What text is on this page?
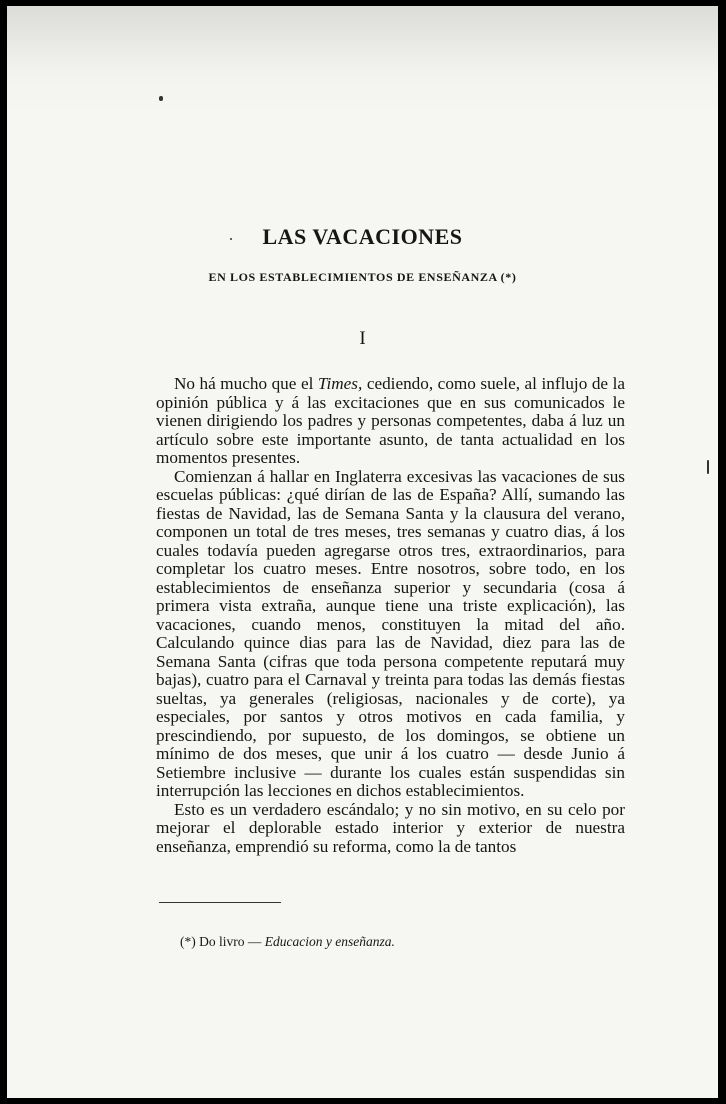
LAS VACACIONES
EN LOS ESTABLECIMIENTOS DE ENSEÑANZA (*)
I

No há mucho que el Times, cediendo, como suele, al influjo de la opinión pública y á las excitaciones que en sus comunicados le vienen dirigiendo los padres y personas competentes, daba á luz un artículo sobre este importante asunto, de tanta actualidad en los momentos presentes.

Comienzan á hallar en Inglaterra excesivas las vacaciones de sus escuelas públicas: ¿qué dirían de las de España? Allí, sumando las fiestas de Navidad, las de Semana Santa y la clausura del verano, componen un total de tres meses, tres semanas y cuatro dias, á los cuales todavía pueden agregarse otros tres, extraordinarios, para completar los cuatro meses. Entre nosotros, sobre todo, en los establecimientos de enseñanza superior y secundaria (cosa á primera vista extraña, aunque tiene una triste explicación), las vacaciones, cuando menos, constituyen la mitad del año. Calculando quince dias para las de Navidad, diez para las de Semana Santa (cifras que toda persona competente reputará muy bajas), cuatro para el Carnaval y treinta para todas las demás fiestas sueltas, ya generales (religiosas, nacionales y de corte), ya especiales, por santos y otros motivos en cada familia, y prescindiendo, por supuesto, de los domingos, se obtiene un mínimo de dos meses, que unir á los cuatro — desde Junio á Setiembre inclusive — durante los cuales están suspendidas sin interrupción las lecciones en dichos establecimientos.

Esto es un verdadero escándalo; y no sin motivo, en su celo por mejorar el deplorable estado interior y exterior de nuestra enseñanza, emprendió su reforma, como la de tantos

(*) Do livro — Educacion y enseñanza.
